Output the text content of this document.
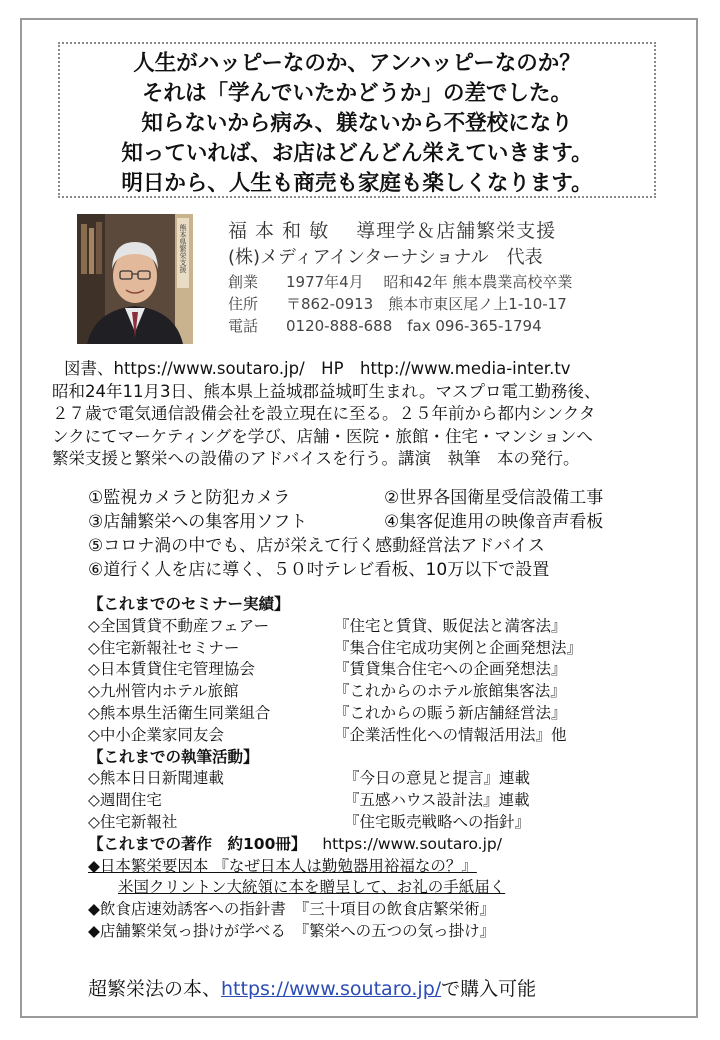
人生がハッピーなのか、アンハッピーなのか？
それは「学んでいたかどうか」の差でした。
知らないから病み、躾ないから不登校になり
知っていれば、お店はどんどん栄えていきます。
明日から、人生も商売も家庭も楽しくなります。
熊本県繁栄支援 福 本 和 敏　 導理学＆店舗繁栄支援
(株)メディアインターナショナル　代表
創業 1977年4月　 昭和42年 熊本農業高校卒業
住所 〒862-0913　熊本市東区尾ノ上1-10-17
電話 0120-888-688　fax 096-365-1794
図書、https://www.soutaro.jp/　HP　http://www.media-inter.tv
昭和24年11月3日、熊本県上益城郡益城町生まれ。マスプロ電工勤務後、
２７歳で電気通信設備会社を設立現在に至る。２５年前から都内シンクタ
ンクにてマーケティングを学び、店舗・医院・旅館・住宅・マンションへ
繁栄支援と繁栄への設備のアドバイスを行う。講演　執筆　本の発行。
①監視カメラと防犯カメラ	②世界各国衛星受信設備工事
③店舗繁栄への集客用ソフト	④集客促進用の映像音声看板
⑤コロナ渦の中でも、店が栄えて行く感動経営法アドバイス
⑥道行く人を店に導く、５０吋テレビ看板、10万以下で設置
【これまでのセミナー実績】
◇全国賃貸不動産フェアー	『住宅と賃貸、販促法と満客法』
◇住宅新報社セミナー	『集合住宅成功実例と企画発想法』
◇日本賃貸住宅管理協会	『賃貸集合住宅への企画発想法』
◇九州管内ホテル旅館	『これからのホテル旅館集客法』
◇熊本県生活衛生同業組合	『これからの賑う新店舗経営法』
◇中小企業家同友会	『企業活性化への情報活用法』他
【これまでの執筆活動】
◇熊本日日新聞連載	『今日の意見と提言』連載
◇週間住宅	『五感ハウス設計法』連載
◇住宅新報社	『住宅販売戦略への指針』
【これまでの著作　約100冊】 https://www.soutaro.jp/
◆日本繁栄要因本 『なぜ日本人は勤勉器用裕福なの？』
米国クリントン大統領に本を贈呈して、お礼の手紙届く
◆飲食店速効誘客への指針書　『三十項目の飲食店繁栄術』
◆店舗繁栄気っ掛けが学べる　『繁栄への五つの気っ掛け』
超繁栄法の本、https://www.soutaro.jp/で購入可能
